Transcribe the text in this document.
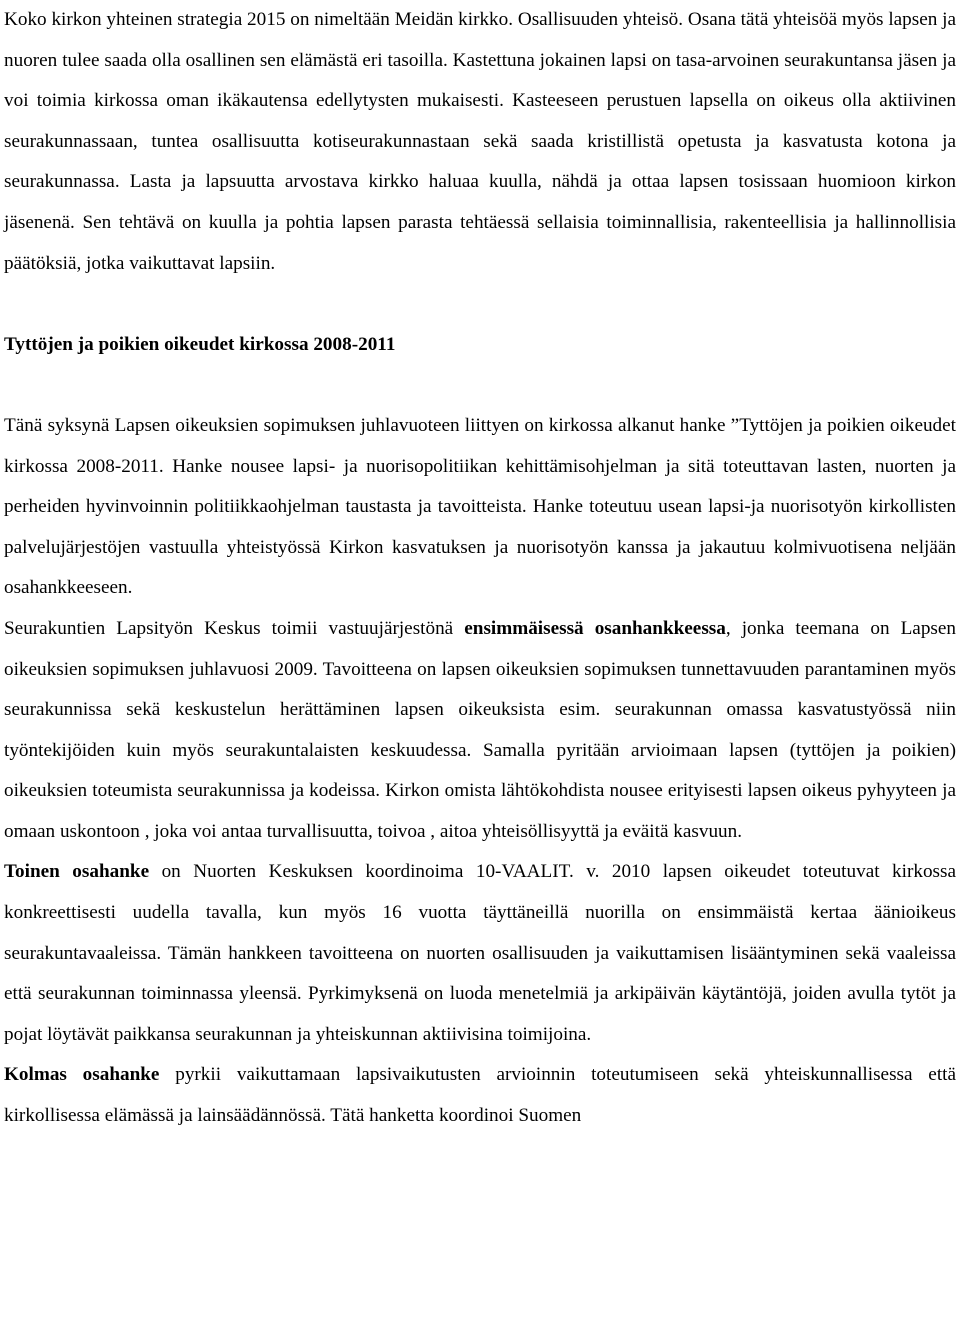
Koko kirkon yhteinen strategia 2015 on nimeltään Meidän kirkko. Osallisuuden yhteisö. Osana tätä yhteisöä myös lapsen ja nuoren tulee saada olla osallinen sen elämästä eri tasoilla. Kastettuna jokainen lapsi on tasa-arvoinen seurakuntansa jäsen ja voi toimia kirkossa oman ikäkautensa edellytysten mukaisesti. Kasteeseen perustuen lapsella on oikeus olla aktiivinen seurakunnassaan, tuntea osallisuutta kotiseurakunnastaan sekä saada kristillistä opetusta ja kasvatusta kotona ja seurakunnassa. Lasta ja lapsuutta arvostava kirkko haluaa kuulla, nähdä ja ottaa lapsen tosissaan huomioon kirkon jäsenenä. Sen tehtävä on kuulla ja pohtia lapsen parasta tehtäessä sellaisia toiminnallisia, rakenteellisia ja hallinnollisia päätöksiä, jotka vaikuttavat lapsiin.

Tyttöjen ja poikien oikeudet kirkossa 2008-2011

Tänä syksynä Lapsen oikeuksien sopimuksen juhlavuoteen liittyen on kirkossa alkanut hanke ”Tyttöjen ja poikien oikeudet kirkossa 2008-2011. Hanke nousee lapsi- ja nuorisopolitiikan kehittämisohjelman ja sitä toteuttavan lasten, nuorten ja perheiden hyvinvoinnin politiikkaohjelman taustasta ja tavoitteista. Hanke toteutuu usean lapsi-ja nuorisotyön kirkollisten palvelujärjestöjen vastuulla yhteistyössä Kirkon kasvatuksen ja nuorisotyön kanssa ja jakautuu kolmivuotisena neljään osahankkeeseen.

Seurakuntien Lapsityön Keskus toimii vastuujärjestönä ensimmäisessä osanhankkeessa, jonka teemana on Lapsen oikeuksien sopimuksen juhlavuosi 2009. Tavoitteena on lapsen oikeuksien sopimuksen tunnettavuuden parantaminen myös seurakunnissa sekä keskustelun herättäminen lapsen oikeuksista esim. seurakunnan omassa kasvatustyössä niin työntekijöiden kuin myös seurakuntalaisten keskuudessa. Samalla pyritään arvioimaan lapsen (tyttöjen ja poikien) oikeuksien toteumista seurakunnissa ja kodeissa. Kirkon omista lähtökohdista nousee erityisesti lapsen oikeus pyhyyteen ja omaan uskontoon , joka voi antaa turvallisuutta, toivoa , aitoa yhteisöllisyyttä ja eväitä kasvuun.

Toinen osahanke on Nuorten Keskuksen koordinoima 10-VAALIT. v. 2010 lapsen oikeudet toteutuvat kirkossa konkreettisesti uudella tavalla, kun myös 16 vuotta täyttäneillä nuorilla on ensimmäistä kertaa äänioikeus seurakuntavaaleissa. Tämän hankkeen tavoitteena on nuorten osallisuuden ja vaikuttamisen lisääntyminen sekä vaaleissa että seurakunnan toiminnassa yleensä. Pyrkimyksenä on luoda menetelmiä ja arkipäivän käytäntöjä, joiden avulla tytöt ja pojat löytävät paikkansa seurakunnan ja yhteiskunnan aktiivisina toimijoina.

Kolmas osahanke pyrkii vaikuttamaan lapsivaikutusten arvioinnin toteutumiseen sekä yhteiskunnallisessa että kirkollisessa elämässä ja lainsäädännössä. Tätä hanketta koordinoi Suomen
